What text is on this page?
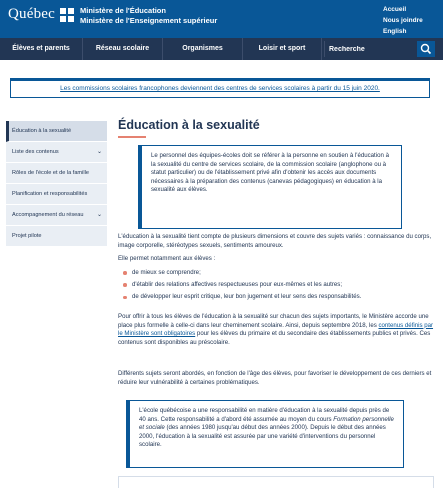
Québec	Ministère de l'Éducation
Ministère de l'Enseignement supérieur
Accueil
Nous joindre
English
Élèves et parents	Réseau scolaire	Organismes	Loisir et sport
Recherche
Les commissions scolaires francophones deviennent des centres de services scolaires à partir du 15 juin 2020.
Éducation à la sexualité
Liste des contenus	⌄
Rôles de l'école et de la famille
Planification et responsabilités
Accompagnement du réseau ⌄
Projet pilote
Éducation à la sexualité

Le personnel des équipes-écoles doit se référer à la personne en soutien à l'éducation à la sexualité du centre de services scolaire, de la commission scolaire (anglophone ou à statut particulier) ou de l'établissement privé afin d'obtenir les accès aux documents nécessaires à la préparation des contenus (canevas pédagogiques) en éducation à la sexualité aux élèves.

L'éducation à la sexualité tient compte de plusieurs dimensions et couvre des sujets variés : connaissance du corps, image corporelle, stéréotypes sexuels, sentiments amoureux.
Elle permet notamment aux élèves :
de mieux se comprendre;
d'établir des relations affectives respectueuses pour eux-mêmes et les autres;
de développer leur esprit critique, leur bon jugement et leur sens des responsabilités.
Pour offrir à tous les élèves de l'éducation à la sexualité sur chacun des sujets importants, le Ministère accorde une place plus formelle à celle-ci dans leur cheminement scolaire. Ainsi, depuis septembre 2018, les contenus définis par le Ministère sont obligatoires pour les élèves du primaire et du secondaire des établissements publics et privés. Ces contenus sont disponibles au préscolaire.
Différents sujets seront abordés, en fonction de l'âge des élèves, pour favoriser le développement de ces derniers et réduire leur vulnérabilité à certaines problématiques.

L'école québécoise a une responsabilité en matière d'éducation à la sexualité depuis près de 40 ans. Cette responsabilité a d'abord été assumée au moyen du cours Formation personnelle et sociale (des années 1980 jusqu'au début des années 2000). Depuis le début des années 2000, l'éducation à la sexualité est assurée par une variété d'interventions du personnel scolaire.
